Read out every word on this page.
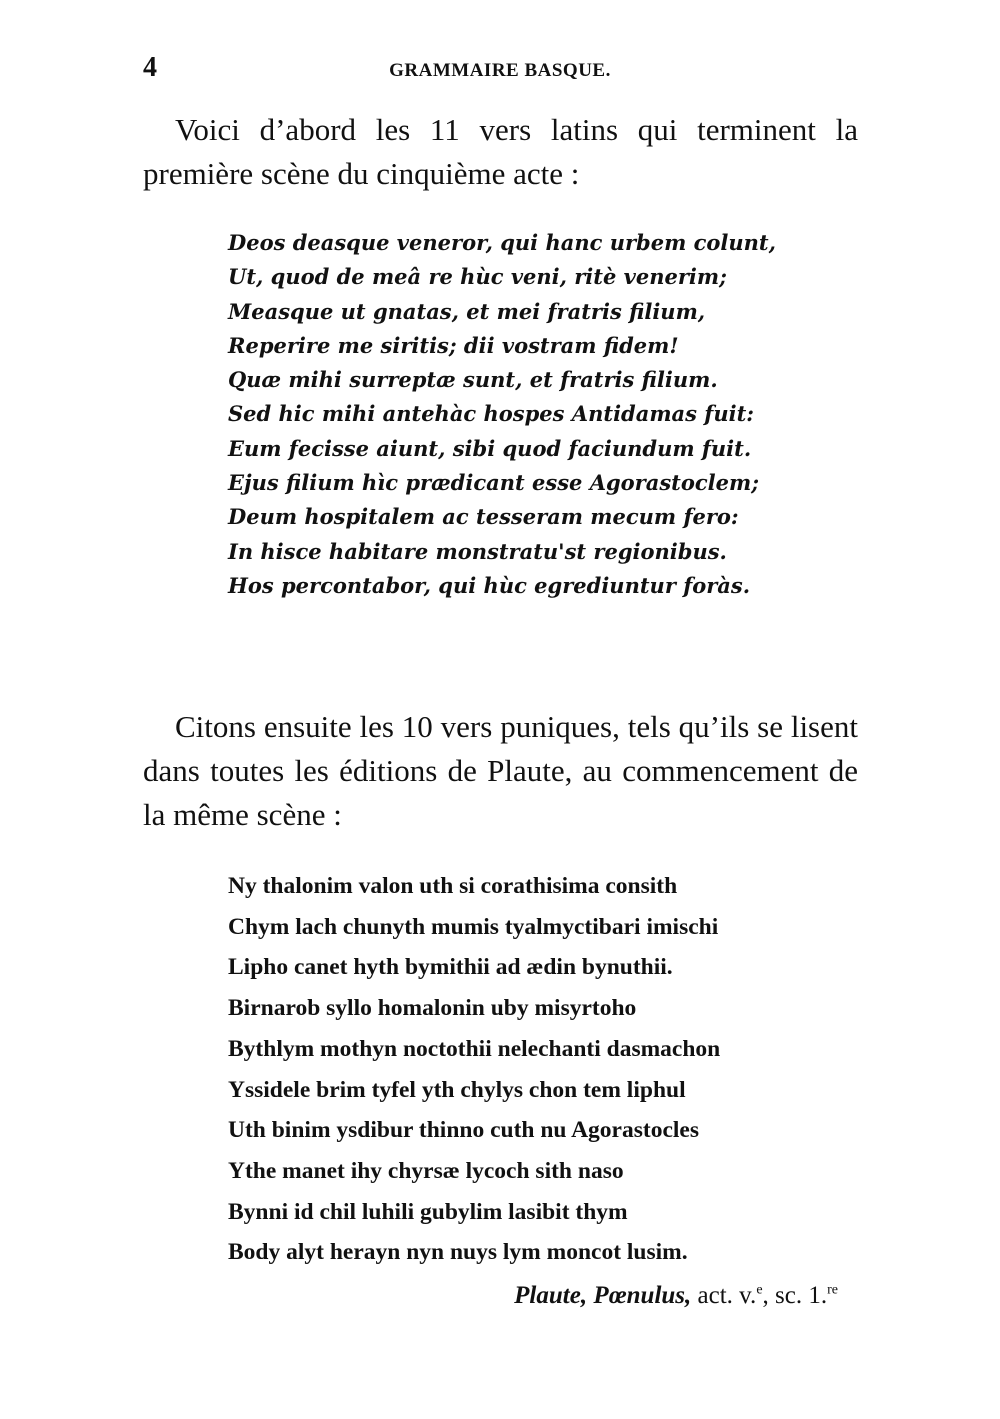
4	GRAMMAIRE BASQUE.

Voici d’abord les 11 vers latins qui terminent la première scène du cinquième acte :

Deos deasque veneror, qui hanc urbem colunt,
Ut, quod de meâ re hùc veni, ritè venerim;
Measque ut gnatas, et mei fratris filium,
Reperire me siritis; dii vostram fidem!
Quæ mihi surreptæ sunt, et fratris filium.
Sed hic mihi antehàc hospes Antidamas fuit:
Eum fecisse aiunt, sibi quod faciundum fuit.
Ejus filium hìc prædicant esse Agorastoclem;
Deum hospitalem ac tesseram mecum fero:
In hisce habitare monstratu'st regionibus.
Hos percontabor, qui hùc egrediuntur foràs.

Citons ensuite les 10 vers puniques, tels qu’ils se lisent dans toutes les éditions de Plaute, au commencement de la même scène :

Ny thalonim valon uth si corathisima consith
Chym lach chunyth mumis tyalmyctibari imischi
Lipho canet hyth bymithii ad ædin bynuthii.
Birnarob syllo homalonin uby misyrtoho
Bythlym mothyn noctothii nelechanti dasmachon
Yssidele brim tyfel yth chylys chon tem liphul
Uth binim ysdibur thinno cuth nu Agorastocles
Ythe manet ihy chyrsæ lycoch sith naso
Bynni id chil luhili gubylim lasibit thym
Body alyt herayn nyn nuys lym moncot lusim.
Plaute, Pœnulus, act. v.$^e$, sc. 1.$^{re}$
